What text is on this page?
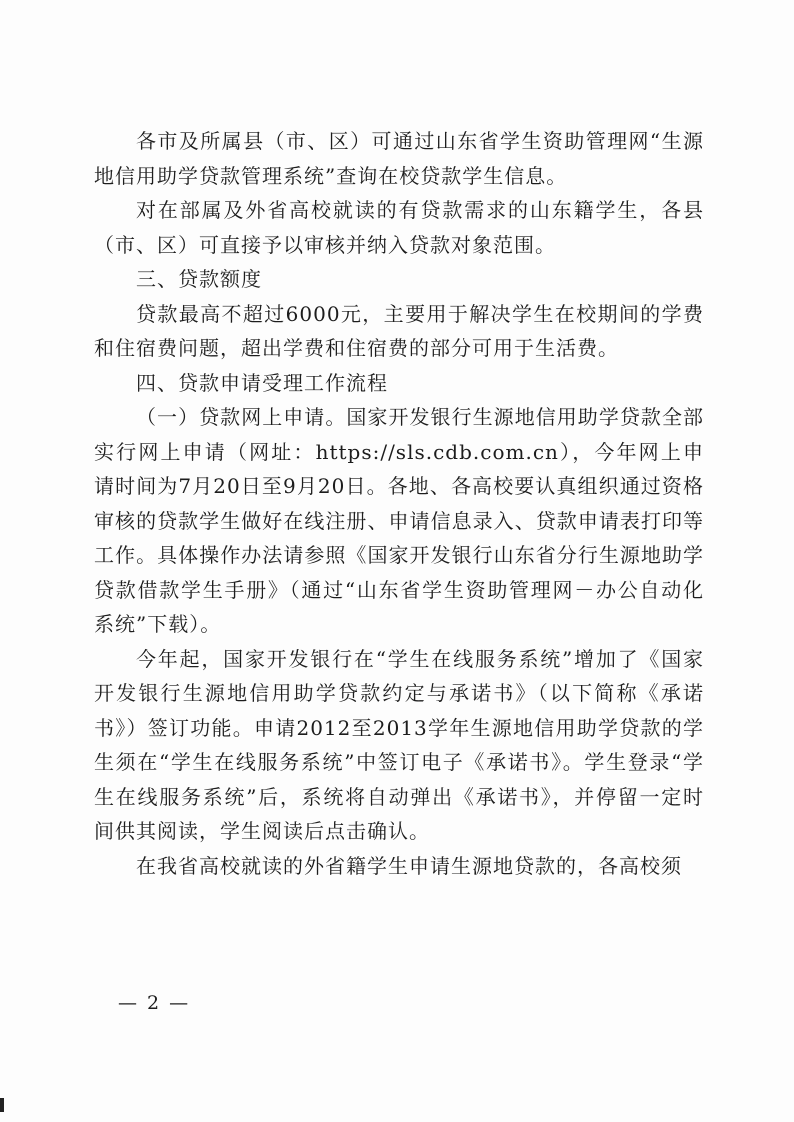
各市及所属县（市、区）可通过山东省学生资助管理网“生源地信用助学贷款管理系统”查询在校贷款学生信息。

对在部属及外省高校就读的有贷款需求的山东籍学生，各县（市、区）可直接予以审核并纳入贷款对象范围。

三、贷款额度

贷款最高不超过6000元，主要用于解决学生在校期间的学费和住宿费问题，超出学费和住宿费的部分可用于生活费。

四、贷款申请受理工作流程

（一）贷款网上申请。国家开发银行生源地信用助学贷款全部实行网上申请（网址：https://sls.cdb.com.cn），今年网上申请时间为7月20日至9月20日。各地、各高校要认真组织通过资格审核的贷款学生做好在线注册、申请信息录入、贷款申请表打印等工作。具体操作办法请参照《国家开发银行山东省分行生源地助学贷款借款学生手册》（通过“山东省学生资助管理网－办公自动化系统”下载）。

今年起，国家开发银行在“学生在线服务系统”增加了《国家开发银行生源地信用助学贷款约定与承诺书》（以下简称《承诺书》）签订功能。申请2012至2013学年生源地信用助学贷款的学生须在“学生在线服务系统”中签订电子《承诺书》。学生登录“学生在线服务系统”后，系统将自动弹出《承诺书》，并停留一定时间供其阅读，学生阅读后点击确认。

在我省高校就读的外省籍学生申请生源地贷款的，各高校须

— 2 —
